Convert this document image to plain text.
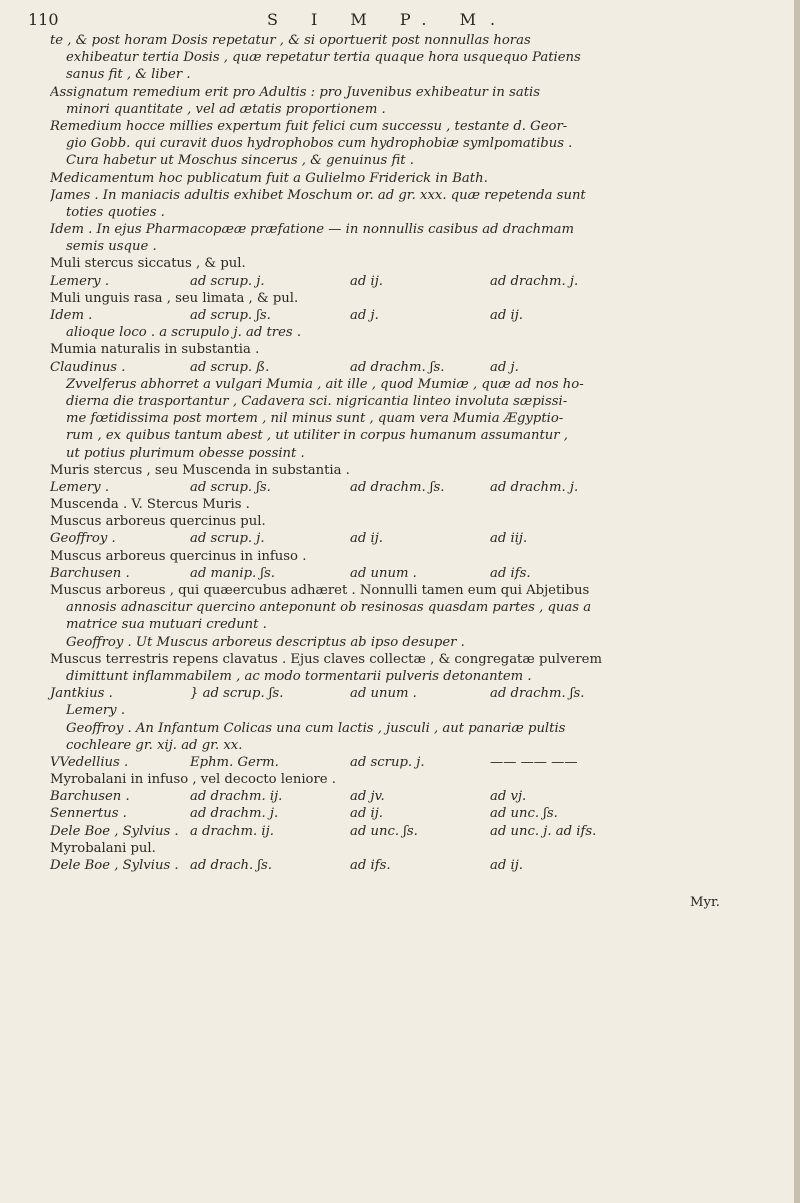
110	S I M P. M.
te , & post horam Dosis repetatur , & si oportuerit post nonnullas horas
exhibeatur tertia Dosis , quæ repetatur tertia quaque hora usquequo Patiens
sanus fit , & liber .
Assignatum remedium erit pro Adultis : pro Juvenibus exhibeatur in satis
minori quantitate , vel ad ætatis proportionem .
Remedium hocce millies expertum fuit felici cum successu , testante d. Geor-
gio Gobb. qui curavit duos hydrophobos cum hydrophobiæ symlpomatibus .
Cura habetur ut Moschus sincerus , & genuinus fit .
Medicamentum hoc publicatum fuit a Gulielmo Friderick in Bath.
James . In maniacis adultis exhibet Moschum or. ad gr. xxx. quæ repetenda sunt
toties quoties .
Idem . In ejus Pharmacopææ præfatione — in nonnullis casibus ad drachmam
semis usque .
Muli stercus siccatus , & pul.
Lemery .	ad scrup. j.	ad ij.	ad drachm. j.
Muli unguis rasa , seu limata , & pul.
Idem .	ad scrup. ʃs.	ad j.	ad ij.
alioque loco . a scrupulo j. ad tres .
Mumia naturalis in substantia .
Claudinus .	ad scrup. ß.	ad drachm. ʃs.	ad j.
Zvvelferus abhorret a vulgari Mumia , ait ille , quod Mumiæ , quæ ad nos ho-
dierna die trasportantur , Cadavera sci. nigricantia linteo involuta sæpissi-
me fœtidissima post mortem , nil minus sunt , quam vera Mumia Ægyptio-
rum , ex quibus tantum abest , ut utiliter in corpus humanum assumantur ,
ut potius plurimum obesse possint .
Muris stercus , seu Muscenda in substantia .
Lemery .	ad scrup. ʃs.	ad drachm. ʃs.	ad drachm. j.
Muscenda . V. Stercus Muris .
Muscus arboreus quercinus pul.
Geoffroy .	ad scrup. j.	ad ij.	ad iij.
Muscus arboreus quercinus in infuso .
Barchusen .	ad manip. ʃs.	ad unum .	ad ifs.
Muscus arboreus , qui quæercubus adhæret . Nonnulli tamen eum qui Abjetibus
annosis adnascitur quercino anteponunt ob resinosas quasdam partes , quas a
matrice sua mutuari credunt .
Geoffroy . Ut Muscus arboreus descriptus ab ipso desuper .
Muscus terrestris repens clavatus . Ejus claves collectæ , & congregatæ pulverem
dimittunt inflammabilem , ac modo tormentarii pulveris detonantem .
Jantkius .	} ad scrup. ʃs.	ad unum .	ad drachm. ʃs.
Lemery .
Geoffroy . An Infantum Colicas una cum lactis , jusculi , aut panariæ pultis
cochleare gr. xij. ad gr. xx.
VVedellius .	Ephm. Germ.	ad scrup. j.	—— —— ——
Myrobalani in infuso , vel decocto leniore .
Barchusen .	ad drachm. ij.	ad jv.	ad vj.
Sennertus .	ad drachm. j.	ad ij.	ad unc. ʃs.
Dele Boe , Sylvius . a drachm. ij.	ad unc. ʃs.	ad unc. j. ad ifs.
Myrobalani pul.
Dele Boe , Sylvius . ad drach. ʃs.	ad ifs.	ad ij.
Myr.
